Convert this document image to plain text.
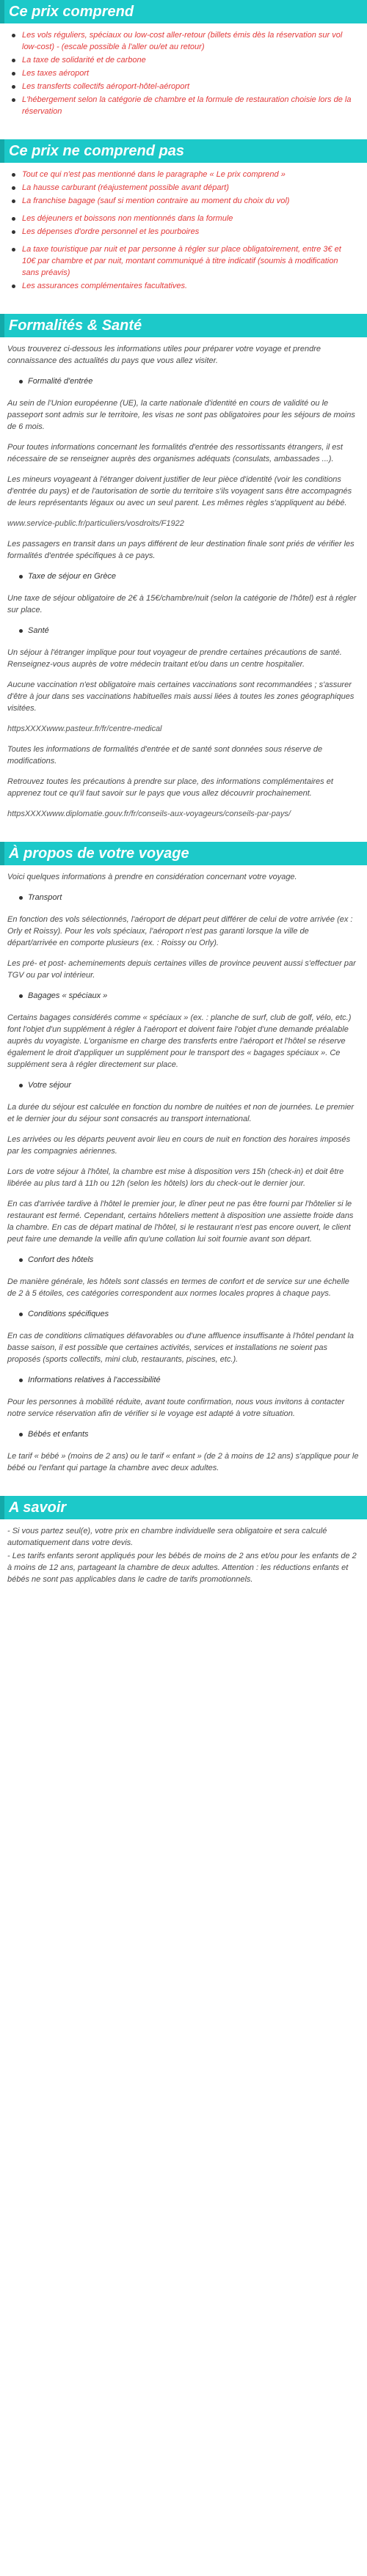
Ce prix comprend
Les vols réguliers, spéciaux ou low-cost aller-retour (billets émis dès la réservation sur vol low-cost) - (escale possible à l'aller ou/et au retour)
La taxe de solidarité et de carbone
Les taxes aéroport
Les transferts collectifs aéroport-hôtel-aéroport
L'hébergement selon la catégorie de chambre et la formule de restauration choisie lors de la réservation
Ce prix ne comprend pas
Tout ce qui n'est pas mentionné dans le paragraphe « Le prix comprend »
La hausse carburant (réajustement possible avant départ)
La franchise bagage (sauf si mention contraire au moment du choix du vol)
Les déjeuners et boissons non mentionnés dans la formule
Les dépenses d'ordre personnel et les pourboires
La taxe touristique par nuit et par personne à régler sur place obligatoirement, entre 3€ et 10€ par chambre et par nuit, montant communiqué à titre indicatif (soumis à modification sans préavis)
Les assurances complémentaires facultatives.
Formalités & Santé

Vous trouverez ci-dessous les informations utiles pour préparer votre voyage et prendre connaissance des actualités du pays que vous allez visiter.

Formalité d'entrée

Au sein de l'Union européenne (UE), la carte nationale d'identité en cours de validité ou le passeport sont admis sur le territoire, les visas ne sont pas obligatoires pour les séjours de moins de 6 mois.

Pour toutes informations concernant les formalités d'entrée des ressortissants étrangers, il est nécessaire de se renseigner auprès des organismes adéquats (consulats, ambassades ...).

Les mineurs voyageant à l'étranger doivent justifier de leur pièce d'identité (voir les conditions d'entrée du pays) et de l'autorisation de sortie du territoire s'ils voyagent sans être accompagnés de leurs représentants légaux ou avec un seul parent. Les mêmes règles s'appliquent au bébé.

www.service-public.fr/particuliers/vosdroits/F1922

Les passagers en transit dans un pays différent de leur destination finale sont priés de vérifier les formalités d'entrée spécifiques à ce pays.

Taxe de séjour en Grèce

Une taxe de séjour obligatoire de 2€ à 15€/chambre/nuit (selon la catégorie de l'hôtel) est à régler sur place.

Santé

Un séjour à l'étranger implique pour tout voyageur de prendre certaines précautions de santé. Renseignez-vous auprès de votre médecin traitant et/ou dans un centre hospitalier.

Aucune vaccination n'est obligatoire mais certaines vaccinations sont recommandées ; s'assurer d'être à jour dans ses vaccinations habituelles mais aussi liées à toutes les zones géographiques visitées.

httpsXXXXwww.pasteur.fr/fr/centre-medical

Toutes les informations de formalités d'entrée et de santé sont données sous réserve de modifications.

Retrouvez toutes les précautions à prendre sur place, des informations complémentaires et apprenez tout ce qu'il faut savoir sur le pays que vous allez découvrir prochainement.

httpsXXXXwww.diplomatie.gouv.fr/fr/conseils-aux-voyageurs/conseils-par-pays/

À propos de votre voyage

Voici quelques informations à prendre en considération concernant votre voyage.

Transport

En fonction des vols sélectionnés, l'aéroport de départ peut différer de celui de votre arrivée (ex : Orly et Roissy). Pour les vols spéciaux, l'aéroport n'est pas garanti lorsque la ville de départ/arrivée en comporte plusieurs (ex. : Roissy ou Orly).

Les pré- et post- acheminements depuis certaines villes de province peuvent aussi s'effectuer par TGV ou par vol intérieur.

Bagages « spéciaux »

Certains bagages considérés comme « spéciaux » (ex. : planche de surf, club de golf, vélo, etc.) font l'objet d'un supplément à régler à l'aéroport et doivent faire l'objet d'une demande préalable auprès du voyagiste. L'organisme en charge des transferts entre l'aéroport et l'hôtel se réserve également le droit d'appliquer un supplément pour le transport des « bagages spéciaux ». Ce supplément sera à régler directement sur place.

Votre séjour

La durée du séjour est calculée en fonction du nombre de nuitées et non de journées. Le premier et le dernier jour du séjour sont consacrés au transport international.

Les arrivées ou les départs peuvent avoir lieu en cours de nuit en fonction des horaires imposés par les compagnies aériennes.

Lors de votre séjour à l'hôtel, la chambre est mise à disposition vers 15h (check-in) et doit être libérée au plus tard à 11h ou 12h (selon les hôtels) lors du check-out le dernier jour.

En cas d'arrivée tardive à l'hôtel le premier jour, le dîner peut ne pas être fourni par l'hôtelier si le restaurant est fermé. Cependant, certains hôteliers mettent à disposition une assiette froide dans la chambre. En cas de départ matinal de l'hôtel, si le restaurant n'est pas encore ouvert, le client peut faire une demande la veille afin qu'une collation lui soit fournie avant son départ.

Confort des hôtels

De manière générale, les hôtels sont classés en termes de confort et de service sur une échelle de 2 à 5 étoiles, ces catégories correspondent aux normes locales propres à chaque pays.

Conditions spécifiques

En cas de conditions climatiques défavorables ou d'une affluence insuffisante à l'hôtel pendant la basse saison, il est possible que certaines activités, services et installations ne soient pas proposés (sports collectifs, mini club, restaurants, piscines, etc.).

Informations relatives à l'accessibilité

Pour les personnes à mobilité réduite, avant toute confirmation, nous vous invitons à contacter notre service réservation afin de vérifier si le voyage est adapté à votre situation.

Bébés et enfants

Le tarif « bébé » (moins de 2 ans) ou le tarif « enfant » (de 2 à moins de 12 ans) s'applique pour le bébé ou l'enfant qui partage la chambre avec deux adultes.

A savoir

- Si vous partez seul(e), votre prix en chambre individuelle sera obligatoire et sera calculé automatiquement dans votre devis.

- Les tarifs enfants seront appliqués pour les bébés de moins de 2 ans et/ou pour les enfants de 2 à moins de 12 ans, partageant la chambre de deux adultes. Attention : les réductions enfants et bébés ne sont pas applicables dans le cadre de tarifs promotionnels.
